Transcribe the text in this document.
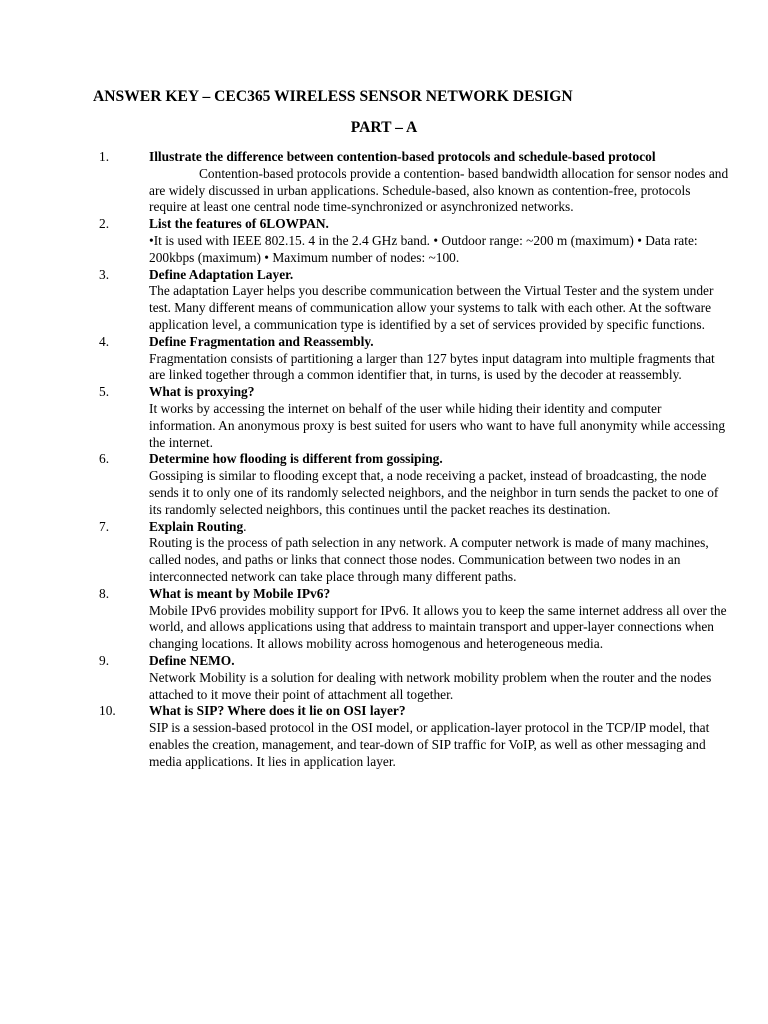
ANSWER KEY – CEC365 WIRELESS SENSOR NETWORK DESIGN
PART – A
1.	Illustrate the difference between contention-based protocols and schedule-based protocol
Contention-based protocols provide a contention- based bandwidth allocation for sensor nodes and are widely discussed in urban applications. Schedule-based, also known as contention-free, protocols require at least one central node time-synchronized or asynchronized networks.
2.	List the features of 6LOWPAN.
•It is used with IEEE 802.15. 4 in the 2.4 GHz band. • Outdoor range: ~200 m (maximum) • Data rate: 200kbps (maximum) • Maximum number of nodes: ~100.
3.	Define Adaptation Layer.
The adaptation Layer helps you describe communication between the Virtual Tester and the system under test. Many different means of communication allow your systems to talk with each other. At the software application level, a communication type is identified by a set of services provided by specific functions.
4.	Define Fragmentation and Reassembly.
Fragmentation consists of partitioning a larger than 127 bytes input datagram into multiple fragments that are linked together through a common identifier that, in turns, is used by the decoder at reassembly.
5.	What is proxying?
It works by accessing the internet on behalf of the user while hiding their identity and computer information. An anonymous proxy is best suited for users who want to have full anonymity while accessing the internet.
6.	Determine how flooding is different from gossiping.
Gossiping is similar to flooding except that, a node receiving a packet, instead of broadcasting, the node sends it to only one of its randomly selected neighbors, and the neighbor in turn sends the packet to one of its randomly selected neighbors, this continues until the packet reaches its destination.
7.	Explain Routing.
Routing is the process of path selection in any network. A computer network is made of many machines, called nodes, and paths or links that connect those nodes. Communication between two nodes in an interconnected network can take place through many different paths.
8.	What is meant by Mobile IPv6?
Mobile IPv6 provides mobility support for IPv6. It allows you to keep the same internet address all over the world, and allows applications using that address to maintain transport and upper-layer connections when changing locations. It allows mobility across homogenous and heterogeneous media.
9.	Define NEMO.
Network Mobility is a solution for dealing with network mobility problem when the router and the nodes attached to it move their point of attachment all together.
10.	What is SIP? Where does it lie on OSI layer?
SIP is a session-based protocol in the OSI model, or application-layer protocol in the TCP/IP model, that enables the creation, management, and tear-down of SIP traffic for VoIP, as well as other messaging and media applications. It lies in application layer.
